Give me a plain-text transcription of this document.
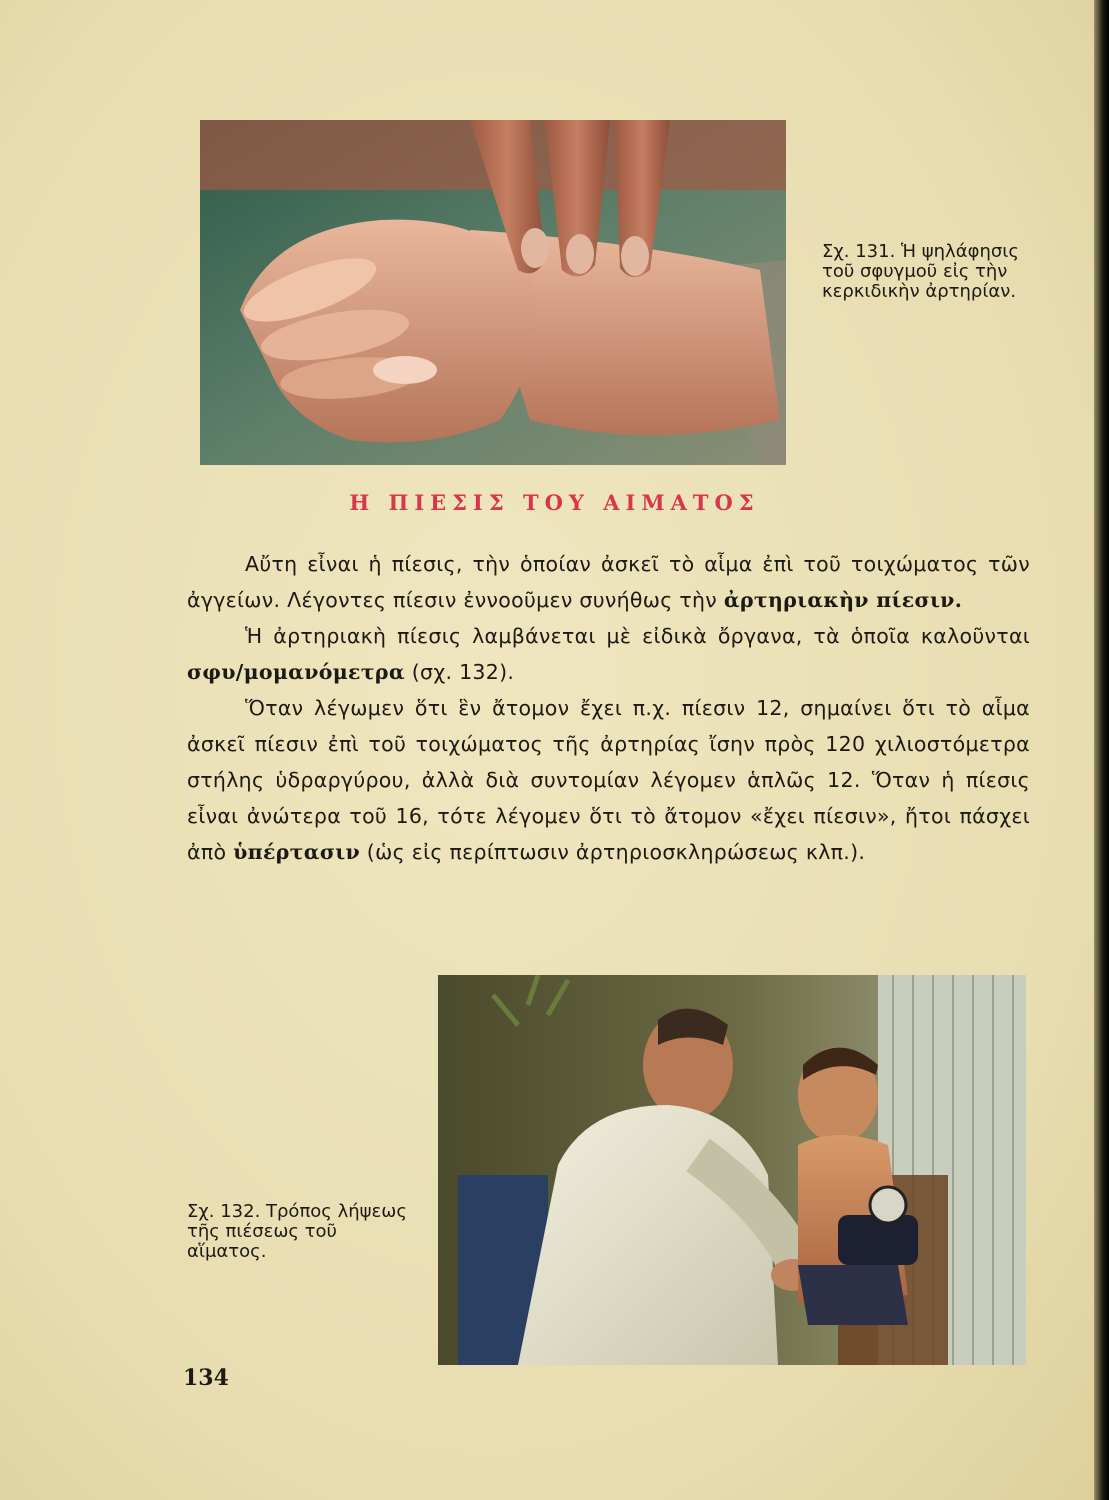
Σχ. 131. Ἡ ψηλάφησις τοῦ σφυγμοῦ εἰς τὴν κερκιδικὴν ἀρτηρίαν.
Η ΠΙΕΣΙΣ ΤΟΥ ΑΙΜΑΤΟΣ

Αὔτη εἶναι ἡ πίεσις, τὴν ὁποίαν ἀσκεῖ τὸ αἷμα ἐπὶ τοῦ τοιχώματος τῶν ἀγγείων. Λέγοντες πίεσιν ἐννοοῦμεν συνήθως τὴν ἀρτηριακὴν πίεσιν.

Ἡ ἀρτηριακὴ πίεσις λαμβάνεται μὲ εἰδικὰ ὄργανα, τὰ ὁποῖα καλοῦνται σφυ/μομανόμετρα (σχ. 132).

Ὅταν λέγωμεν ὅτι ἓν ἄτομον ἔχει π.χ. πίεσιν 12, σημαίνει ὅτι τὸ αἷμα ἀσκεῖ πίεσιν ἐπὶ τοῦ τοιχώματος τῆς ἀρτηρίας ἴσην πρὸς 120 χιλιοστόμετρα στήλης ὑδραργύρου, ἀλλὰ διὰ συντομίαν λέγομεν ἁπλῶς 12. Ὅταν ἡ πίεσις εἶναι ἀνώτερα τοῦ 16, τότε λέγομεν ὅτι τὸ ἄτομον «ἔχει πίεσιν», ἤτοι πάσχει ἀπὸ ὑπέρτασιν (ὡς εἰς περίπτωσιν ἀρτηριοσκληρώσεως κλπ.).

Σχ. 132. Τρόπος λήψεως τῆς πιέσεως τοῦ αἵματος.
134
